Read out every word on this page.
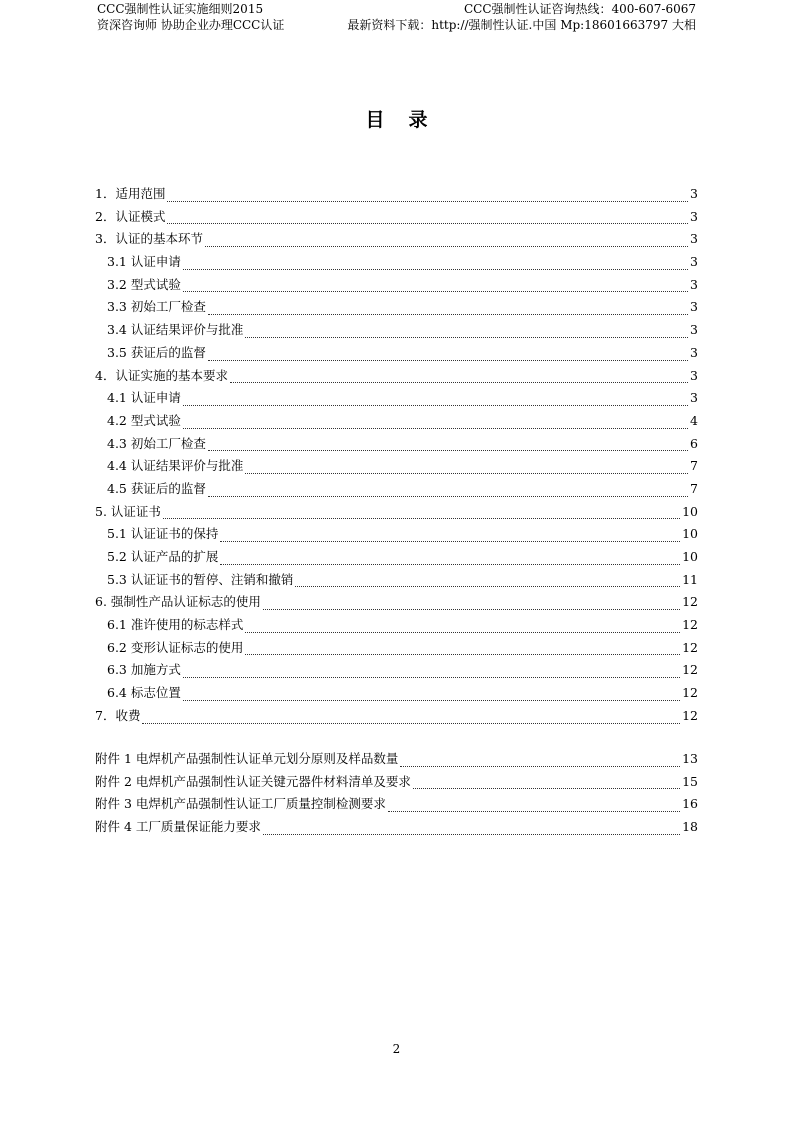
CCC强制性认证实施细则2015	CCC强制性认证咨询热线：400-607-6067
资深咨询师 协助企业办理CCC认证	最新资料下载：http://强制性认证.中国 Mp:18601663797 大相
目录
1．适用范围	3
2．认证模式	3
3．认证的基本环节	3
3.1 认证申请	3
3.2 型式试验	3
3.3 初始工厂检查	3
3.4 认证结果评价与批准	3
3.5 获证后的监督	3
4．认证实施的基本要求	3
4.1 认证申请	3
4.2 型式试验	4
4.3 初始工厂检查	6
4.4 认证结果评价与批准	7
4.5 获证后的监督	7
5. 认证证书	10
5.1 认证证书的保持	10
5.2 认证产品的扩展	10
5.3 认证证书的暂停、注销和撤销	11
6. 强制性产品认证标志的使用	12
6.1 准许使用的标志样式	12
6.2 变形认证标志的使用	12
6.3 加施方式	12
6.4 标志位置	12
7．收费	12
附件 1 电焊机产品强制性认证单元划分原则及样品数量	13
附件 2 电焊机产品强制性认证关键元器件材料清单及要求	15
附件 3 电焊机产品强制性认证工厂质量控制检测要求	16
附件 4 工厂质量保证能力要求	18
2
